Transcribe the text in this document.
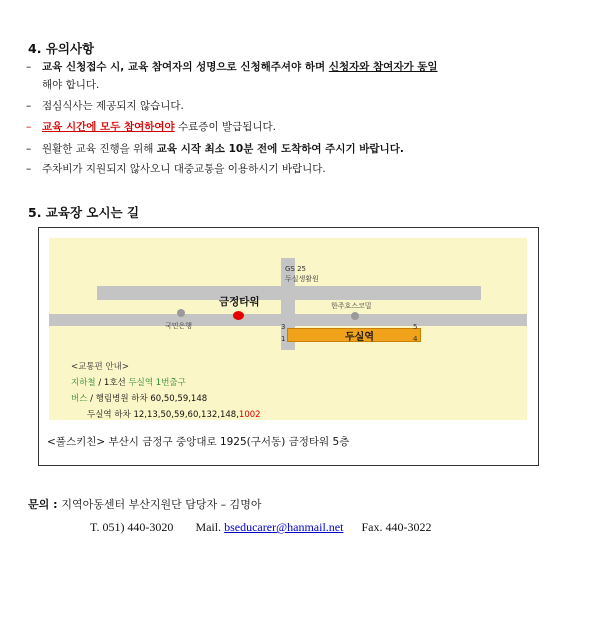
4. 유의사항
– 교육 신청접수 시, 교육 참여자의 성명으로 신청해주셔야 하며 신청자와 참여자가 동일
해야 합니다.
– 점심식사는 제공되지 않습니다.
– 교육 시간에 모두 참여하여야 수료증이 발급됩니다.
– 원활한 교육 진행을 위해 교육 시작 최소 10분 전에 도착하여 주시기 바랍니다.
– 주차비가 지원되지 않사오니 대중교통을 이용하시기 바랍니다.
5. 교육장 오시는 길
GS 25
두실생활원
국민은행
금정타워	한주호스코밀
두실역
3
1
5
4
<교통편 안내>
지하철 / 1호선 두실역 1번출구
버스 / 행림병원 하차 60,50,59,148
두실역 하차 12,13,50,59,60,132,148,1002
<풀스키친> 부산시 금정구 중앙대로 1925(구서동) 금정타워 5층
문의 : 지역아동센터 부산지원단 담당자 – 김명아
T. 051) 440-3020 Mail. bseducarer@hanmail.net Fax. 440-3022
